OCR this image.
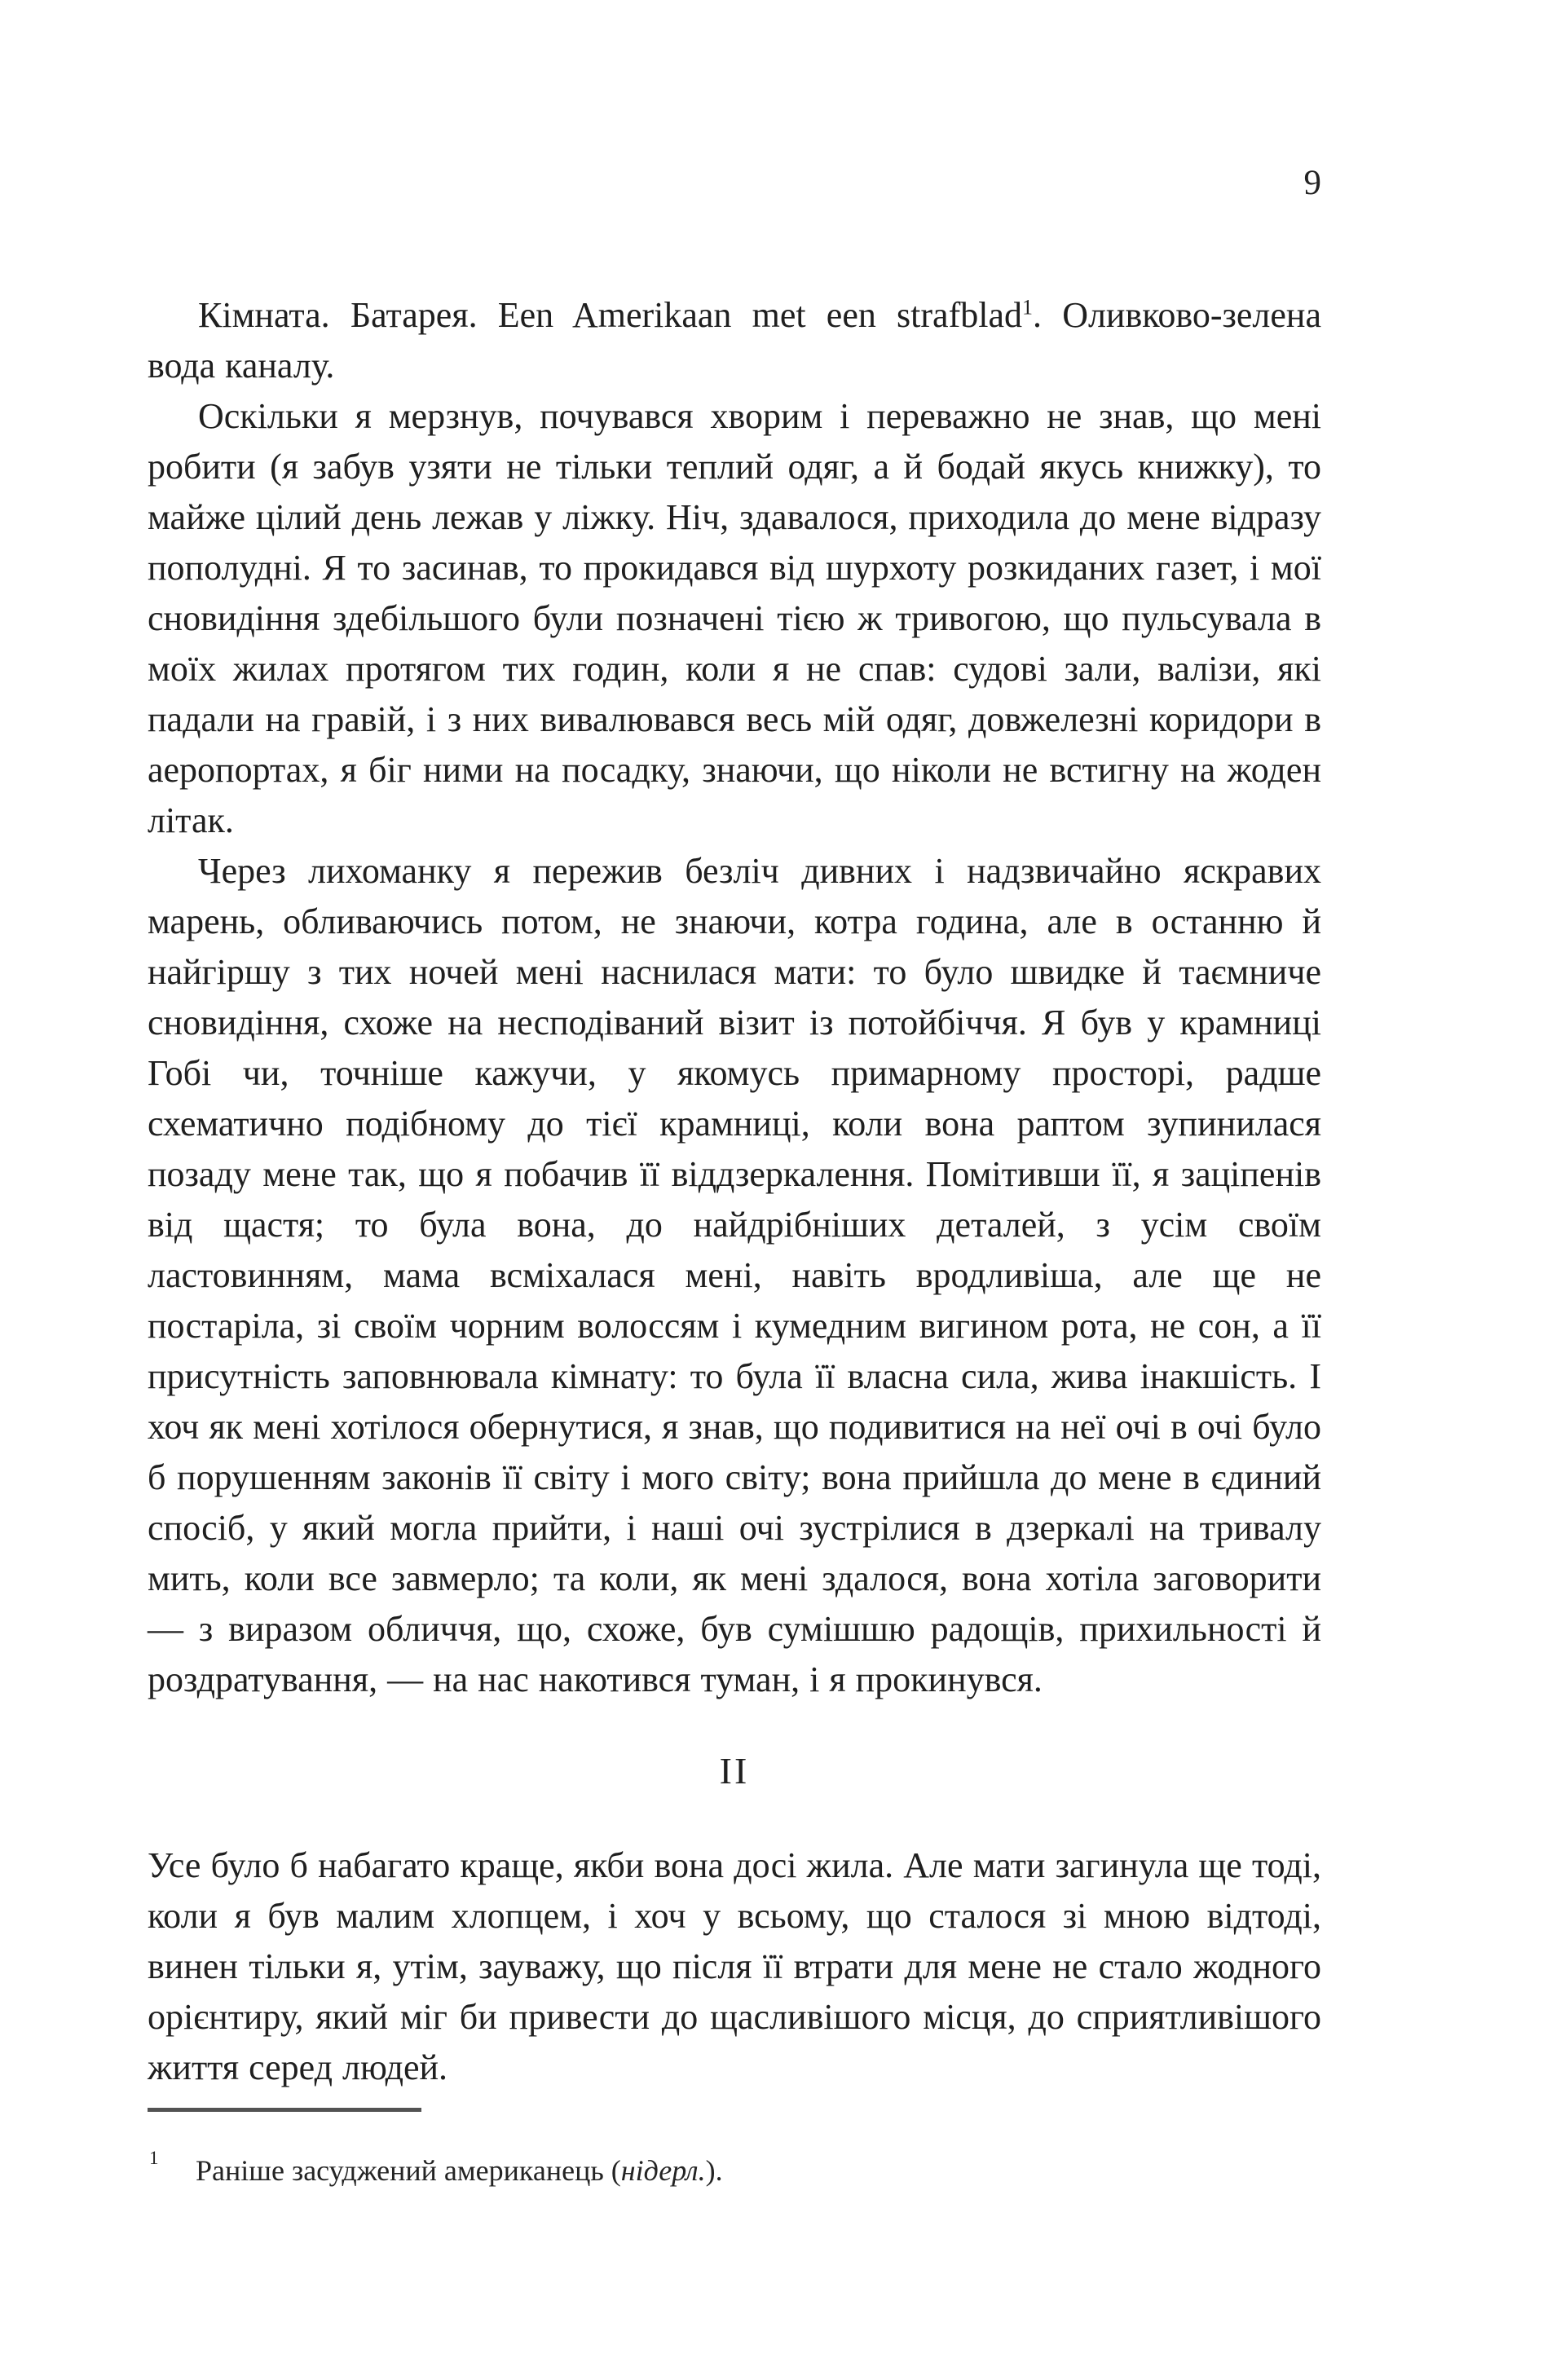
9

Кімната. Батарея. Een Amerikaan met een strafblad$^1$. Оливково-зелена вода каналу.

Оскільки я мерзнув, почувався хворим і переважно не знав, що мені робити (я забув узяти не тільки теплий одяг, а й бодай якусь книжку), то майже цілий день лежав у ліжку. Ніч, здавалося, приходила до мене відразу пополудні. Я то засинав, то прокидався від шурхоту розкиданих газет, і мої сновидіння здебільшого були позначені тією ж тривогою, що пульсувала в моїх жилах протягом тих годин, коли я не спав: судові зали, валізи, які падали на гравій, і з них вивалювався весь мій одяг, довжелезні коридори в аеропортах, я біг ними на посадку, знаючи, що ніколи не встигну на жоден літак.

Через лихоманку я пережив безліч дивних і надзвичайно яскравих марень, обливаючись потом, не знаючи, котра година, але в останню й найгіршу з тих ночей мені наснилася мати: то було швидке й таємниче сновидіння, схоже на несподіваний візит із потойбіччя. Я був у крамниці Гобі чи, точніше кажучи, у якомусь примарному просторі, радше схематично подібному до тієї крамниці, коли вона раптом зупинилася позаду мене так, що я побачив її віддзеркалення. Помітивши її, я заціпенів від щастя; то була вона, до найдрібніших деталей, з усім своїм ластовинням, мама всміхалася мені, навіть вродливіша, але ще не постаріла, зі своїм чорним волоссям і кумедним вигином рота, не сон, а її присутність заповнювала кімнату: то була її власна сила, жива інакшість. І хоч як мені хотілося обернутися, я знав, що подивитися на неї очі в очі було б порушенням законів її світу і мого світу; вона прийшла до мене в єдиний спосіб, у який могла прийти, і наші очі зустрілися в дзеркалі на тривалу мить, коли все завмерло; та коли, як мені здалося, вона хотіла заговорити — з виразом обличчя, що, схоже, був сумішшю радощів, прихильності й роздратування, — на нас накотився туман, і я прокинувся.

II

Усе було б набагато краще, якби вона досі жила. Але мати загинула ще тоді, коли я був малим хлопцем, і хоч у всьому, що сталося зі мною відтоді, винен тільки я, утім, зауважу, що після її втрати для мене не стало жодного орієнтиру, який міг би привести до щасливішого місця, до сприятливішого життя серед людей.

1 Раніше засуджений американець (нідерл.).
